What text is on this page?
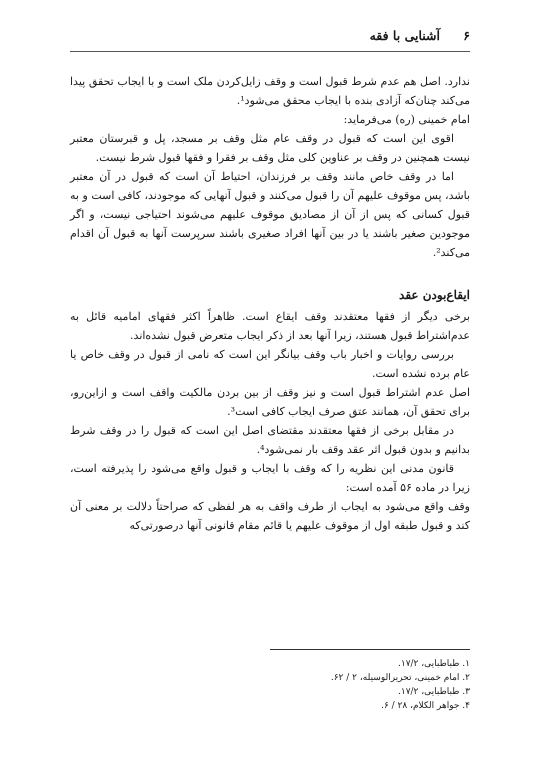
۶
آشنایی با فقه

ندارد. اصل هم عدم شرط قبول است و وقف زایل‌کردن ملک است و با ایجاب تحقق پیدا می‌کند چنان‌که آزادی بنده با ایجاب محقق می‌شود¹.

امام خمینی (ره) می‌فرماید:

اقوی این است که قبول در وقف عام مثل وقف بر مسجد، پل و قبرستان معتبر نیست همچنین در وقف بر عناوین کلی مثل وقف بر فقرا و فقها قبول شرط نیست.

اما در وقف خاص مانند وقف بر فرزندان، احتیاط آن است که قبول در آن معتبر باشد، پس موقوف علیهم آن را قبول می‌کنند و قبول آنهایی که موجودند، کافی است و به قبول کسانی که پس از آن از مصادیق موقوف علیهم می‌شوند احتیاجی نیست، و اگر موجودین صغیر باشند یا در بین آنها افراد صغیری باشند سرپرست آنها به قبول آن اقدام می‌کند².

ایقاع‌بودن عقد

برخی دیگر از فقها معتقدند وقف ایقاع است. ظاهراً اکثر فقهای امامیه قائل به عدم‌اشتراط قبول هستند، زیرا آنها بعد از ذکر ایجاب متعرض قبول نشده‌اند.

بررسی روایات و اخبار باب وقف بیانگر این است که نامی از قبول در وقف خاص یا عام برده نشده است.

اصل عدم اشتراط قبول است و نیز وقف از بین بردن مالکیت واقف است و ازاین‌رو، برای تحقق آن، همانند عتق صرف ایجاب کافی است³.

در مقابل برخی از فقها معتقدند مقتضای اصل این است که قبول را در وقف شرط بدانیم و بدون قبول اثر عقد وقف بار نمی‌شود⁴.

قانون مدنی این نظریه را که وقف با ایجاب و قبول واقع می‌شود را پذیرفته است، زیرا در ماده ۵۶ آمده است:

وقف واقع می‌شود به ایجاب از طرف واقف به هر لفظی که صراحتاً دلالت بر معنی آن کند و قبول طبقه اول از موقوف علیهم یا قائم مقام قانونی آنها درصورتی‌که

۱. طباطبایی، ۱۷/۲.
۲. امام خمینی، تحریرالوسیله، ۲ / ۶۲.
۳. طباطبایی، ۱۷/۲.
۴. جواهر الکلام، ۲۸ / ۶.
